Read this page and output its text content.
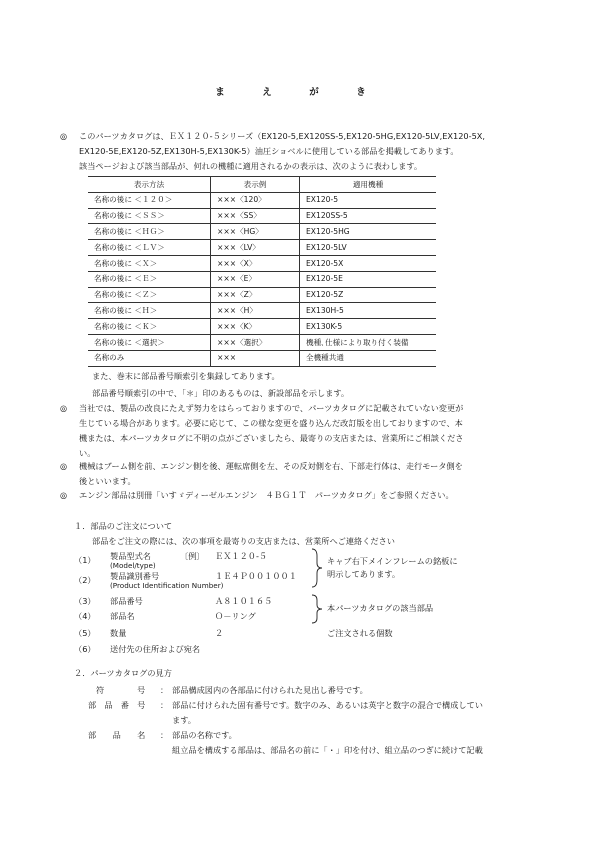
ま　え　が　き
◎ このパーツカタログは、ＥＸ１２０-５シリーズ（EX120-5,EX120SS-5,EX120-5HG,EX120-5LV,EX120-5X,
EX120-5E,EX120-5Z,EX130H-5,EX130K-5）油圧ショベルに使用している部品を掲載してあります。
該当ページおよび該当部品が、何れの機種に適用されるかの表示は、次のように表わします。
表示方法	表示例	適用機種
名称の後に ＜１２０＞	×××〈120〉	EX120-5
名称の後に ＜ＳＳ＞	×××〈SS〉	EX120SS-5
名称の後に ＜ＨＧ＞	×××〈HG〉	EX120-5HG
名称の後に ＜ＬＶ＞	×××〈LV〉	EX120-5LV
名称の後に ＜Ｘ＞	×××〈X〉	EX120-5X
名称の後に ＜Ｅ＞	×××〈E〉	EX120-5E
名称の後に ＜Ｚ＞	×××〈Z〉	EX120-5Z
名称の後に ＜Ｈ＞	×××〈H〉	EX130H-5
名称の後に ＜Ｋ＞	×××〈K〉	EX130K-5
名称の後に ＜選択＞	×××〈選択〉	機種､仕様により取り付く装備
名称のみ	×××	全機種共通
また、巻末に部品番号順索引を集録してあります。
部品番号順索引の中で、「＊」印のあるものは、新設部品を示します。
◎ 当社では、製品の改良にたえず努力をはらっておりますので、パーツカタログに記載されていない変更が
生じている場合があります。必要に応じて、この様な変更を盛り込んだ改訂版を出しておりますので、本
機または、本パーツカタログに不明の点がございましたら、最寄りの支店または、営業所にご相談くださ
い。
◎ 機械はブーム側を前、エンジン側を後、運転席側を左、その反対側を右、下部走行体は、走行モータ側を
後といいます。
◎ エンジン部品は別冊「いすゞディーゼルエンジン　４ＢＧ１Ｔ　パーツカタログ」をご参照ください。
１．部品のご注文について
部品をご注文の際には、次の事項を最寄りの支店または、営業所へご連絡ください
（1） 製品型式名
(Model/type)
〔例〕 ＥＸ１２０-５
（2） 製品識別番号
(Product Identification Number)
１Ｅ４Ｐ００１００１
キャブ右下メインフレームの銘板に
明示してあります。
（3） 部品番号	Ａ８１０１６５
（4） 部品名	Ｏ－リング
本パーツカタログの該当部品
（5） 数量	２	ご注文される個数
（6） 送付先の住所および宛名
２．パーツカタログの見方
符　　　　号 ： 部品構成図内の各部品に付けられた見出し番号です。
部　品　番　号 ： 部品に付けられた固有番号です。数字のみ、あるいは英字と数字の混合で構成してい
ます。
部　　品　　名 ： 部品の名称です。
組立品を構成する部品は、部品名の前に「・」印を付け、組立品のつぎに続けて記載
